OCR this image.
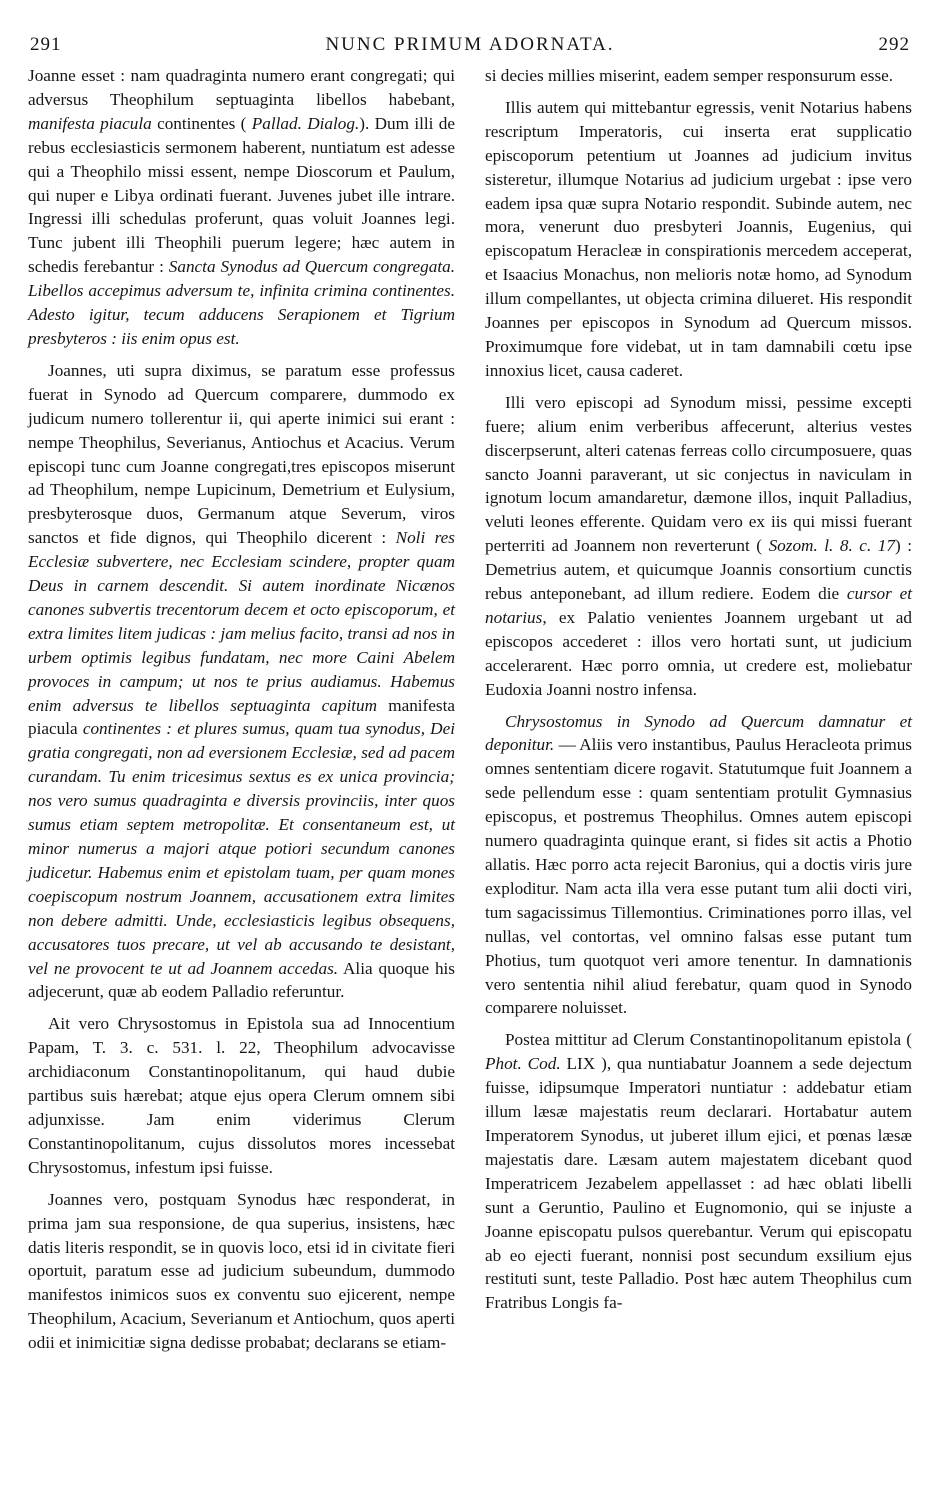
291	NUNC PRIMUM ADORNATA.	292

Joanne esset : nam quadraginta numero erant congregati; qui adversus Theophilum septuaginta libellos habebant, manifesta piacula continentes ( Pallad. Dialog.). Dum illi de rebus ecclesiasticis sermonem haberent, nuntiatum est adesse qui a Theophilo missi essent, nempe Dioscorum et Paulum, qui nuper e Libya ordinati fuerant. Juvenes jubet ille intrare. Ingressi illi schedulas proferunt, quas voluit Joannes legi. Tunc jubent illi Theophili puerum legere; hæc autem in schedis ferebantur : Sancta Synodus ad Quercum congregata. Libellos accepimus adversum te, infinita crimina continentes. Adesto igitur, tecum adducens Serapionem et Tigrium presbyteros : iis enim opus est.

Joannes, uti supra diximus, se paratum esse professus fuerat in Synodo ad Quercum comparere, dummodo ex judicum numero tollerentur ii, qui aperte inimici sui erant : nempe Theophilus, Severianus, Antiochus et Acacius. Verum episcopi tunc cum Joanne congregati,tres episcopos miserunt ad Theophilum, nempe Lupicinum, Demetrium et Eulysium, presbyterosque duos, Germanum atque Severum, viros sanctos et fide dignos, qui Theophilo dicerent : Noli res Ecclesiæ subvertere, nec Ecclesiam scindere, propter quam Deus in carnem descendit. Si autem inordinate Nicænos canones subvertis trecentorum decem et octo episcoporum, et extra limites litem judicas : jam melius facito, transi ad nos in urbem optimis legibus fundatam, nec more Caini Abelem provoces in campum; ut nos te prius audiamus. Habemus enim adversus te libellos septuaginta capitum manifesta piacula continentes : et plures sumus, quam tua synodus, Dei gratia congregati, non ad eversionem Ecclesiæ, sed ad pacem curandam. Tu enim tricesimus sextus es ex unica provincia; nos vero sumus quadraginta e diversis provinciis, inter quos sumus etiam septem metropolitæ. Et consentaneum est, ut minor numerus a majori atque potiori secundum canones judicetur. Habemus enim et epistolam tuam, per quam mones coepiscopum nostrum Joannem, accusationem extra limites non debere admitti. Unde, ecclesiasticis legibus obsequens, accusatores tuos precare, ut vel ab accusando te desistant, vel ne provocent te ut ad Joannem accedas. Alia quoque his adjecerunt, quæ ab eodem Palladio referuntur.

Ait vero Chrysostomus in Epistola sua ad Innocentium Papam, T. 3. c. 531. l. 22, Theophilum advocavisse archidiaconum Constantinopolitanum, qui haud dubie partibus suis hærebat; atque ejus opera Clerum omnem sibi adjunxisse. Jam enim viderimus Clerum Constantinopolitanum, cujus dissolutos mores incessebat Chrysostomus, infestum ipsi fuisse.

Joannes vero, postquam Synodus hæc responderat, in prima jam sua responsione, de qua superius, insistens, hæc datis literis respondit, se in quovis loco, etsi id in civitate fieri oportuit, paratum esse ad judicium subeundum, dummodo manifestos inimicos suos ex conventu suo ejicerent, nempe Theophilum, Acacium, Severianum et Antiochum, quos aperti odii et inimicitiæ signa dedisse probabat; declarans se etiam-

si decies millies miserint, eadem semper responsurum esse.

Illis autem qui mittebantur egressis, venit Notarius habens rescriptum Imperatoris, cui inserta erat supplicatio episcoporum petentium ut Joannes ad judicium invitus sisteretur, illumque Notarius ad judicium urgebat : ipse vero eadem ipsa quæ supra Notario respondit. Subinde autem, nec mora, venerunt duo presbyteri Joannis, Eugenius, qui episcopatum Heracleæ in conspirationis mercedem acceperat, et Isaacius Monachus, non melioris notæ homo, ad Synodum illum compellantes, ut objecta crimina dilueret. His respondit Joannes per episcopos in Synodum ad Quercum missos. Proximumque fore videbat, ut in tam damnabili cœtu ipse innoxius licet, causa caderet.

Illi vero episcopi ad Synodum missi, pessime excepti fuere; alium enim verberibus affecerunt, alterius vestes discerpserunt, alteri catenas ferreas collo circumposuere, quas sancto Joanni paraverant, ut sic conjectus in naviculam in ignotum locum amandaretur, dæmone illos, inquit Palladius, veluti leones efferente. Quidam vero ex iis qui missi fuerant perterriti ad Joannem non reverterunt ( Sozom. l. 8. c. 17) : Demetrius autem, et quicumque Joannis consortium cunctis rebus anteponebant, ad illum rediere. Eodem die cursor et notarius, ex Palatio venientes Joannem urgebant ut ad episcopos accederet : illos vero hortati sunt, ut judicium accelerarent. Hæc porro omnia, ut credere est, moliebatur Eudoxia Joanni nostro infensa.

Chrysostomus in Synodo ad Quercum damnatur et deponitur. — Aliis vero instantibus, Paulus Heracleota primus omnes sententiam dicere rogavit. Statutumque fuit Joannem a sede pellendum esse : quam sententiam protulit Gymnasius episcopus, et postremus Theophilus. Omnes autem episcopi numero quadraginta quinque erant, si fides sit actis a Photio allatis. Hæc porro acta rejecit Baronius, qui a doctis viris jure exploditur. Nam acta illa vera esse putant tum alii docti viri, tum sagacissimus Tillemontius. Criminationes porro illas, vel nullas, vel contortas, vel omnino falsas esse putant tum Photius, tum quotquot veri amore tenentur. In damnationis vero sententia nihil aliud ferebatur, quam quod in Synodo comparere noluisset.

Postea mittitur ad Clerum Constantinopolitanum epistola ( Phot. Cod. LIX ), qua nuntiabatur Joannem a sede dejectum fuisse, idipsumque Imperatori nuntiatur : addebatur etiam illum læsæ majestatis reum declarari. Hortabatur autem Imperatorem Synodus, ut juberet illum ejici, et pœnas læsæ majestatis dare. Læsam autem majestatem dicebant quod Imperatricem Jezabelem appellasset : ad hæc oblati libelli sunt a Geruntio, Paulino et Eugnomonio, qui se injuste a Joanne episcopatu pulsos querebantur. Verum qui episcopatu ab eo ejecti fuerant, nonnisi post secundum exsilium ejus restituti sunt, teste Palladio. Post hæc autem Theophilus cum Fratribus Longis fa-
